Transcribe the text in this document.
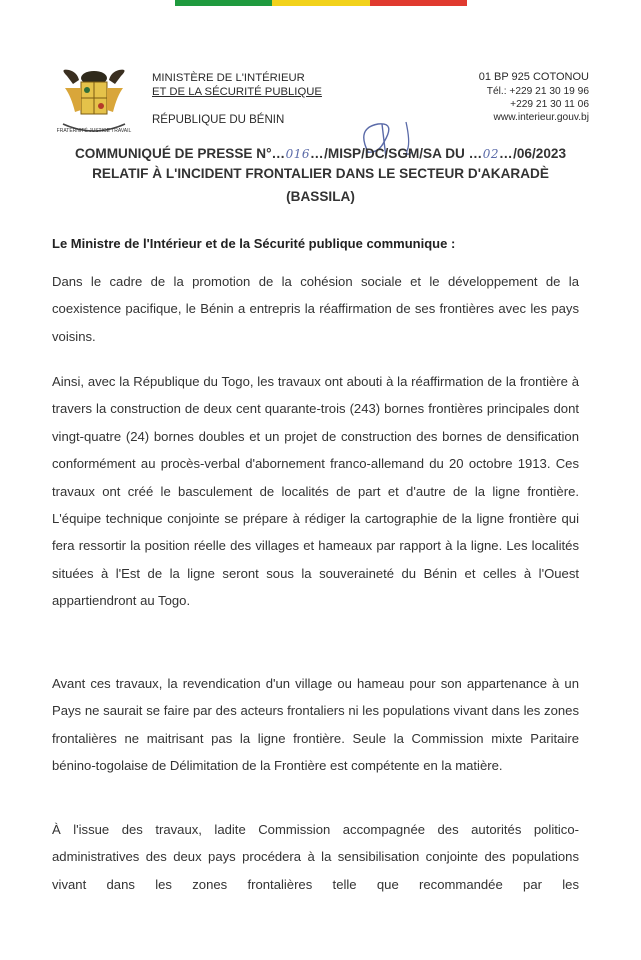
FRATERNITÉ JUSTICE TRAVAIL
MINISTÈRE DE L'INTÉRIEUR
ET DE LA SÉCURITÉ PUBLIQUE
RÉPUBLIQUE DU BÉNIN
01 BP 925 COTONOU
Tél.: +229 21 30 19 96
+229 21 30 11 06
www.interieur.gouv.bj
COMMUNIQUÉ DE PRESSE N°…016…/MISP/DC/SGM/SA DU …02…/06/2023
RELATIF À L'INCIDENT FRONTALIER DANS LE SECTEUR D'AKARADÈ
(BASSILA)
Le Ministre de l'Intérieur et de la Sécurité publique communique :

Dans le cadre de la promotion de la cohésion sociale et le développement de la coexistence pacifique, le Bénin a entrepris la réaffirmation de ses frontières avec les pays voisins.

Ainsi, avec la République du Togo, les travaux ont abouti à la réaffirmation de la frontière à travers la construction de deux cent quarante-trois (243) bornes frontières principales dont vingt-quatre (24) bornes doubles et un projet de construction des bornes de densification conformément au procès-verbal d'abornement franco-allemand du 20 octobre 1913. Ces travaux ont créé le basculement de localités de part et d'autre de la ligne frontière. L'équipe technique conjointe se prépare à rédiger la cartographie de la ligne frontière qui fera ressortir la position réelle des villages et hameaux par rapport à la ligne. Les localités situées à l'Est de la ligne seront sous la souveraineté du Bénin et celles à l'Ouest appartiendront au Togo.

Avant ces travaux, la revendication d'un village ou hameau pour son appartenance à un Pays ne saurait se faire par des acteurs frontaliers ni les populations vivant dans les zones frontalières ne maitrisant pas la ligne frontière. Seule la Commission mixte Paritaire bénino-togolaise de Délimitation de la Frontière est compétente en la matière.

À l'issue des travaux, ladite Commission accompagnée des autorités politico-administratives des deux pays procédera à la sensibilisation conjointe des populations vivant dans les zones frontalières telle que recommandée par les
